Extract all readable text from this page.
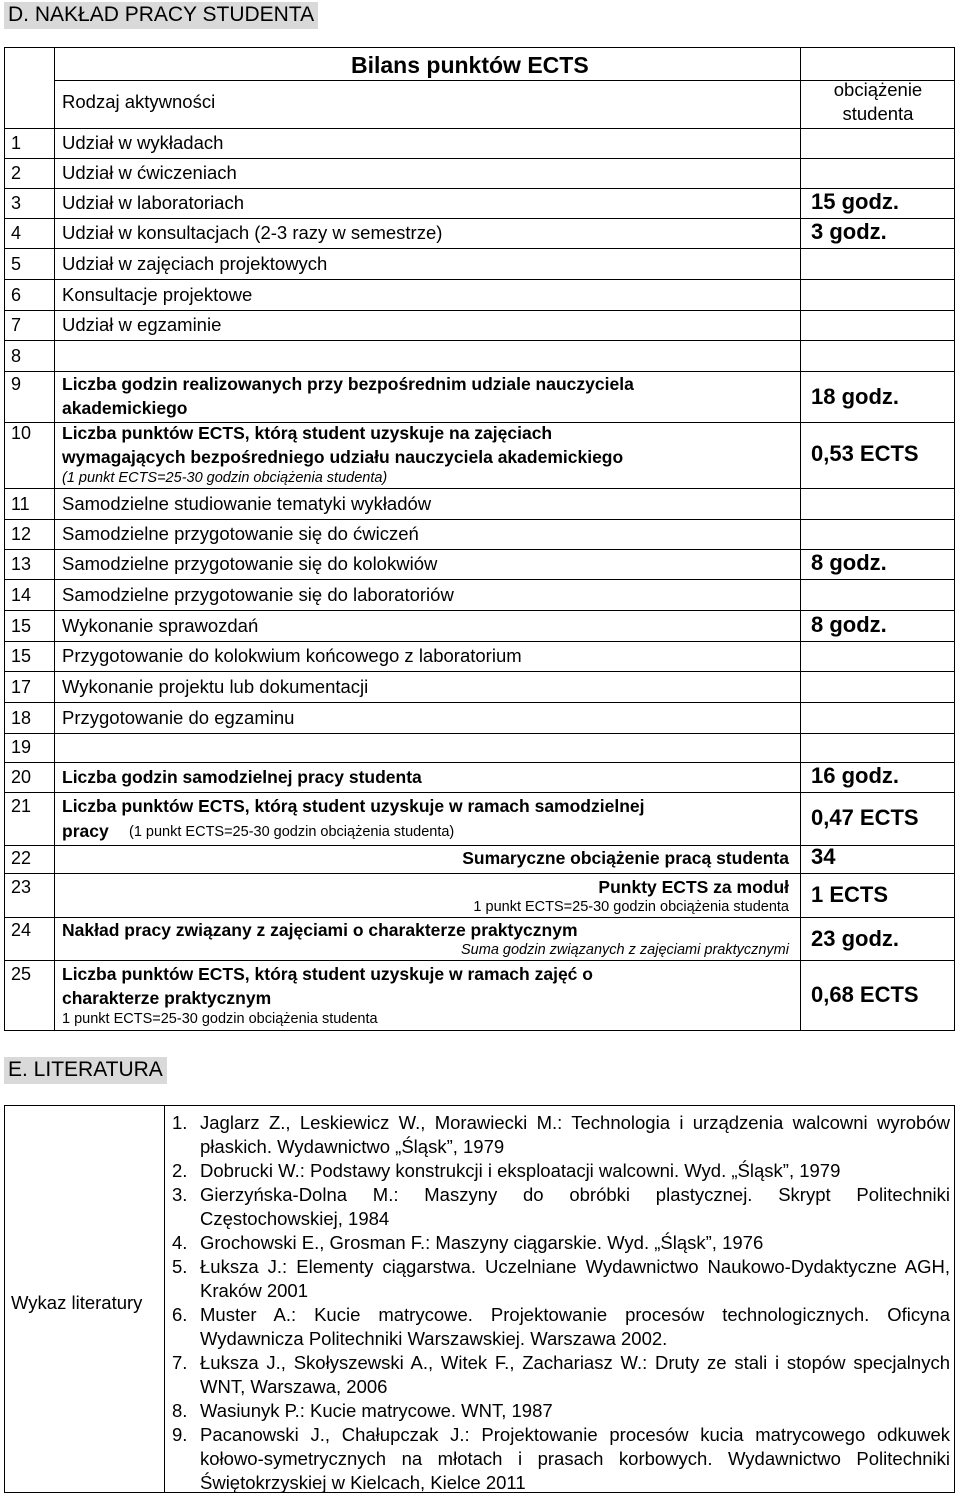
D. NAKŁAD PRACY STUDENTA
Bilans punktów ECTS
Rodzaj aktywności
obciążenie
studenta
1 Udział w wykładach
2 Udział w ćwiczeniach
3 Udział w laboratoriach	15 godz.
4 Udział w konsultacjach (2-3 razy w semestrze)	3 godz.
5 Udział w zajęciach projektowych
6 Konsultacje projektowe
7 Udział w egzaminie
8
9 Liczba godzin realizowanych przy bezpośrednim udziale nauczyciela
akademickiego	18 godz.
10 Liczba punktów ECTS, którą student uzyskuje na zajęciach
wymagających bezpośredniego udziału nauczyciela akademickiego
(1 punkt ECTS=25-30 godzin obciążenia studenta)
0,53 ECTS
11 Samodzielne studiowanie tematyki wykładów
12 Samodzielne przygotowanie się do ćwiczeń
13 Samodzielne przygotowanie się do kolokwiów	8 godz.
14 Samodzielne przygotowanie się do laboratoriów
15 Wykonanie sprawozdań	8 godz.
15 Przygotowanie do kolokwium końcowego z laboratorium
17 Wykonanie projektu lub dokumentacji
18 Przygotowanie do egzaminu
19
20 Liczba godzin samodzielnej pracy studenta	16 godz.
21 Liczba punktów ECTS, którą student uzyskuje w ramach samodzielnej
pracy (1 punkt ECTS=25-30 godzin obciążenia studenta)
0,47 ECTS
22	Sumaryczne obciążenie pracą studenta 34
23	Punkty ECTS za moduł
1 punkt ECTS=25-30 godzin obciążenia studenta 1 ECTS
24 Nakład pracy związany z zajęciami o charakterze praktycznym
Suma godzin związanych z zajęciami praktycznymi 23 godz.
25 Liczba punktów ECTS, którą student uzyskuje w ramach zajęć o
charakterze praktycznym
1 punkt ECTS=25-30 godzin obciążenia studenta
0,68 ECTS
E. LITERATURA
Wykaz literatury
1. Jaglarz Z., Leskiewicz W., Morawiecki M.: Technologia i urządzenia walcowni wyrobów płaskich. Wydawnictwo „Śląsk”, 1979
2. Dobrucki W.: Podstawy konstrukcji i eksploatacji walcowni. Wyd. „Śląsk”, 1979
3. Gierzyńska-Dolna M.: Maszyny do obróbki plastycznej. Skrypt Politechniki Częstochowskiej, 1984
4. Grochowski E., Grosman F.: Maszyny ciągarskie. Wyd. „Śląsk”, 1976
5. Łuksza J.: Elementy ciągarstwa. Uczelniane Wydawnictwo Naukowo-Dydaktyczne AGH, Kraków 2001
6. Muster A.: Kucie matrycowe. Projektowanie procesów technologicznych. Oficyna Wydawnicza Politechniki Warszawskiej. Warszawa 2002.
7. Łuksza J., Skołyszewski A., Witek F., Zachariasz W.: Druty ze stali i stopów specjalnych WNT, Warszawa, 2006
8. Wasiunyk P.: Kucie matrycowe. WNT, 1987
9. Pacanowski J., Chałupczak J.: Projektowanie procesów kucia matrycowego odkuwek kołowo-symetrycznych na młotach i prasach korbowych. Wydawnictwo Politechniki Świętokrzyskiej w Kielcach, Kielce 2011
